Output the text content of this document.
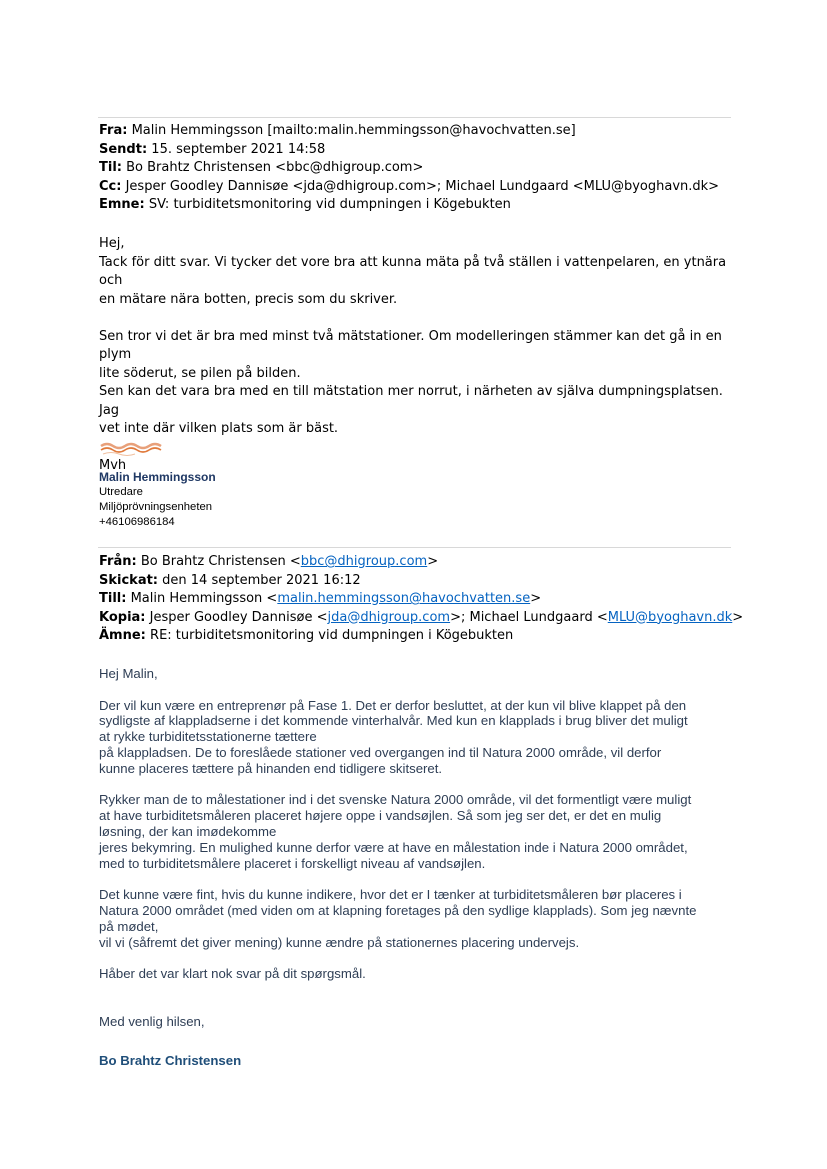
Fra: Malin Hemmingsson [mailto:malin.hemmingsson@havochvatten.se]
Sendt: 15. september 2021 14:58
Til: Bo Brahtz Christensen <bbc@dhigroup.com>
Cc: Jesper Goodley Dannisøe <jda@dhigroup.com>; Michael Lundgaard <MLU@byoghavn.dk>
Emne: SV: turbiditetsmonitoring vid dumpningen i Kögebukten

Hej,

Tack för ditt svar. Vi tycker det vore bra att kunna mäta på två ställen i vattenpelaren, en ytnära och

en mätare nära botten, precis som du skriver.

Sen tror vi det är bra med minst två mätstationer. Om modelleringen stämmer kan det gå in en plym

lite söderut, se pilen på bilden.

Sen kan det vara bra med en till mätstation mer norrut, i närheten av själva dumpningsplatsen. Jag

vet inte där vilken plats som är bäst.

Mvh

Malin Hemmingsson
Utredare
Miljöprövningsenheten
+46106986184
Från: Bo Brahtz Christensen <bbc@dhigroup.com>
Skickat: den 14 september 2021 16:12
Till: Malin Hemmingsson <malin.hemmingsson@havochvatten.se>
Kopia: Jesper Goodley Dannisøe <jda@dhigroup.com>; Michael Lundgaard <MLU@byoghavn.dk>
Ämne: RE: turbiditetsmonitoring vid dumpningen i Kögebukten

Hej Malin,

Der vil kun være en entreprenør på Fase 1. Det er derfor besluttet, at der kun vil blive klappet på den

sydligste af klappladserne i det kommende vinterhalvår. Med kun en klapplads i brug bliver det muligt

at rykke turbiditetsstationerne tættere

på klappladsen. De to foreslåede stationer ved overgangen ind til Natura 2000 område, vil derfor

kunne placeres tættere på hinanden end tidligere skitseret.

Rykker man de to målestationer ind i det svenske Natura 2000 område, vil det formentligt være muligt

at have turbiditetsmåleren placeret højere oppe i vandsøjlen. Så som jeg ser det, er det en mulig

løsning, der kan imødekomme

jeres bekymring. En mulighed kunne derfor være at have en målestation inde i Natura 2000 området,

med to turbiditetsmålere placeret i forskelligt niveau af vandsøjlen.

Det kunne være fint, hvis du kunne indikere, hvor det er I tænker at turbiditetsmåleren bør placeres i

Natura 2000 området (med viden om at klapning foretages på den sydlige klapplads). Som jeg nævnte

på mødet,

vil vi (såfremt det giver mening) kunne ændre på stationernes placering undervejs.

Håber det var klart nok svar på dit spørgsmål.

Med venlig hilsen,

Bo Brahtz Christensen
